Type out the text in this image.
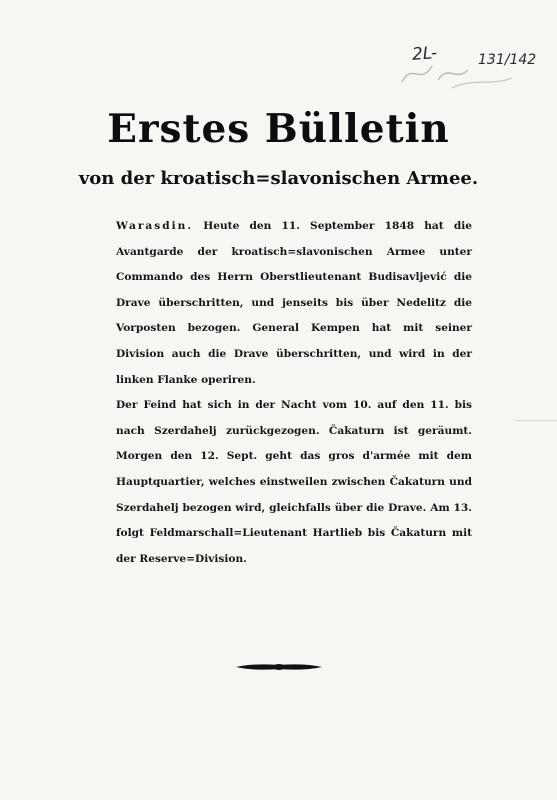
2L-	131/142
Erstes Bülletin
von der kroatisch=slavonischen Armee.

Warasdin. Heute den 11. September 1848 hat die Avantgarde der kroatisch=slavonischen Armee unter Commando des Herrn Oberstlieutenant Budisavljević die Drave überschritten, und jenseits bis über Nedelitz die Vorposten bezogen. General Kempen hat mit seiner Division auch die Drave überschritten, und wird in der linken Flanke operiren.

Der Feind hat sich in der Nacht vom 10. auf den 11. bis nach Szerdahelj zurückgezogen. Čakaturn ist geräumt. Morgen den 12. Sept. geht das gros d'armée mit dem Hauptquartier, welches einstweilen zwischen Čakaturn und Szerdahelj bezogen wird, gleichfalls über die Drave. Am 13. folgt Feldmarschall=Lieutenant Hartlieb bis Čakaturn mit der Reserve=Division.
